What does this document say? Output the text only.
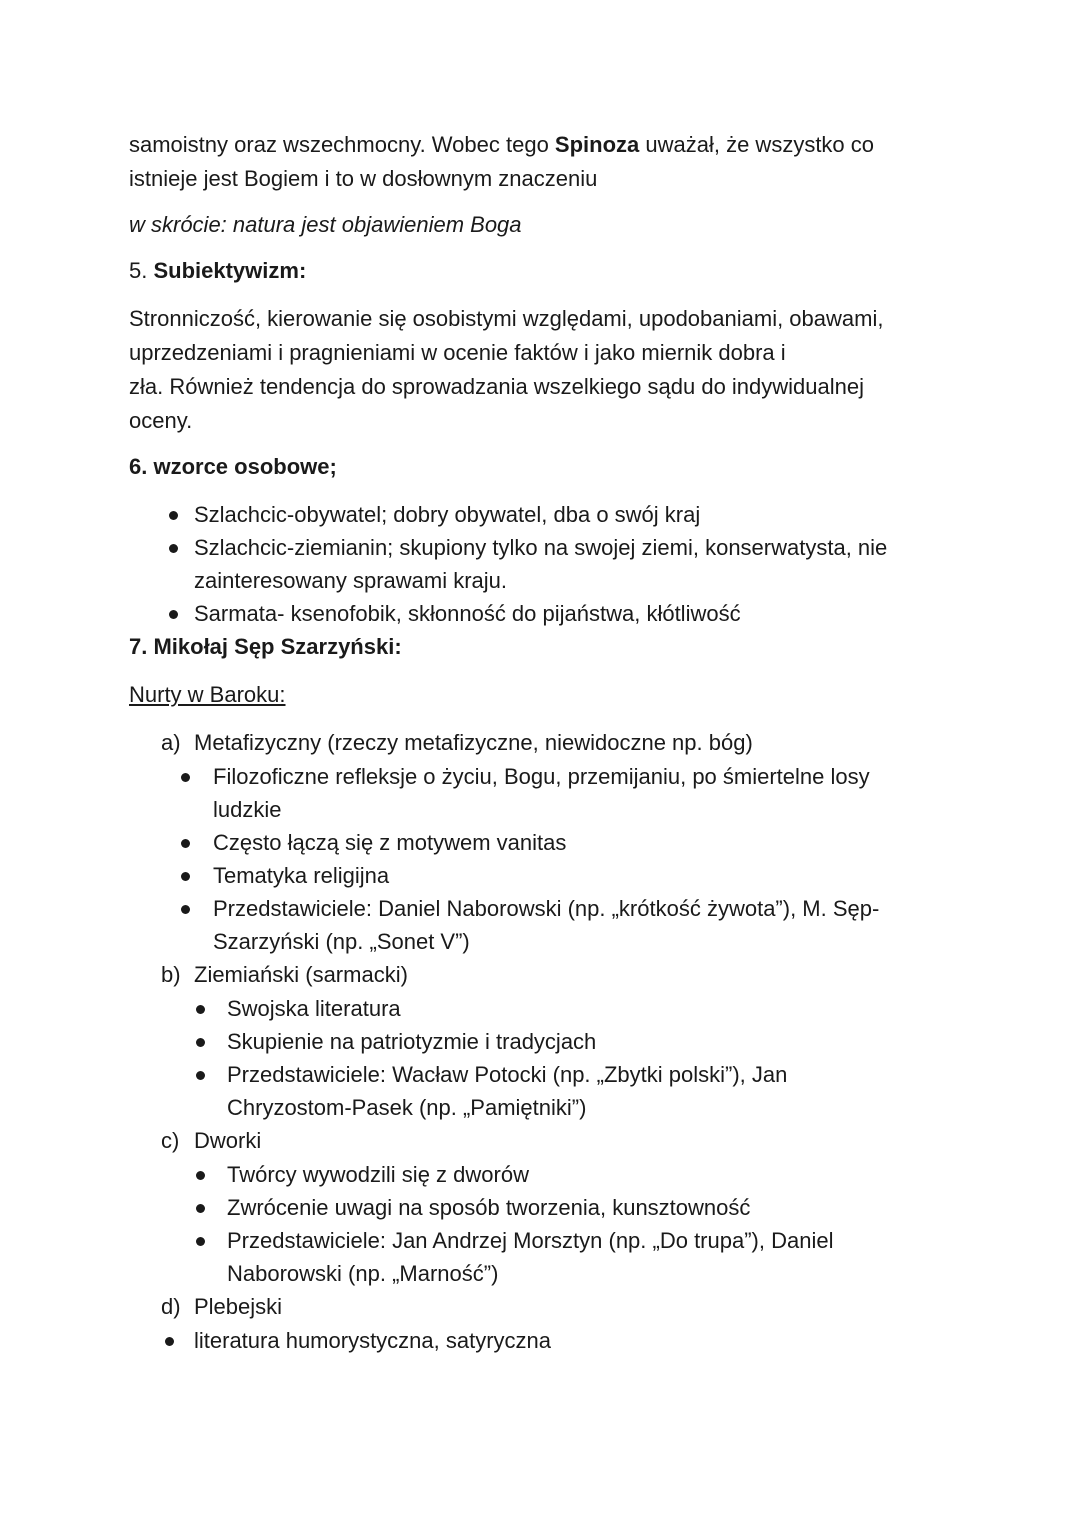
samoistny oraz wszechmocny. Wobec tego Spinoza uważał, że wszystko co
istnieje jest Bogiem i to w dosłownym znaczeniu
w skrócie: natura jest objawieniem Boga
5. Subiektywizm:
Stronniczość, kierowanie się osobistymi względami, upodobaniami, obawami,
uprzedzeniami i pragnieniami w ocenie faktów i jako miernik dobra i
zła. Również tendencja do sprowadzania wszelkiego sądu do indywidualnej
oceny.
6. wzorce osobowe;
Szlachcic-obywatel; dobry obywatel, dba o swój kraj
Szlachcic-ziemianin; skupiony tylko na swojej ziemi, konserwatysta, nie
zainteresowany sprawami kraju.
Sarmata- ksenofobik, skłonność do pijaństwa, kłótliwość
7. Mikołaj Sęp Szarzyński:
Nurty w Baroku:
a) Metafizyczny (rzeczy metafizyczne, niewidoczne np. bóg)
Filozoficzne refleksje o życiu, Bogu, przemijaniu, po śmiertelne losy
ludzkie
Często łączą się z motywem vanitas
Tematyka religijna
Przedstawiciele: Daniel Naborowski (np. „krótkość żywota”), M. Sęp-
Szarzyński (np. „Sonet V”)
b) Ziemiański (sarmacki)
Swojska literatura
Skupienie na patriotyzmie i tradycjach
Przedstawiciele: Wacław Potocki (np. „Zbytki polski”), Jan
Chryzostom-Pasek (np. „Pamiętniki”)
c) Dworki
Twórcy wywodzili się z dworów
Zwrócenie uwagi na sposób tworzenia, kunsztowność
Przedstawiciele: Jan Andrzej Morsztyn (np. „Do trupa”), Daniel
Naborowski (np. „Marność”)
d) Plebejski
literatura humorystyczna, satyryczna
